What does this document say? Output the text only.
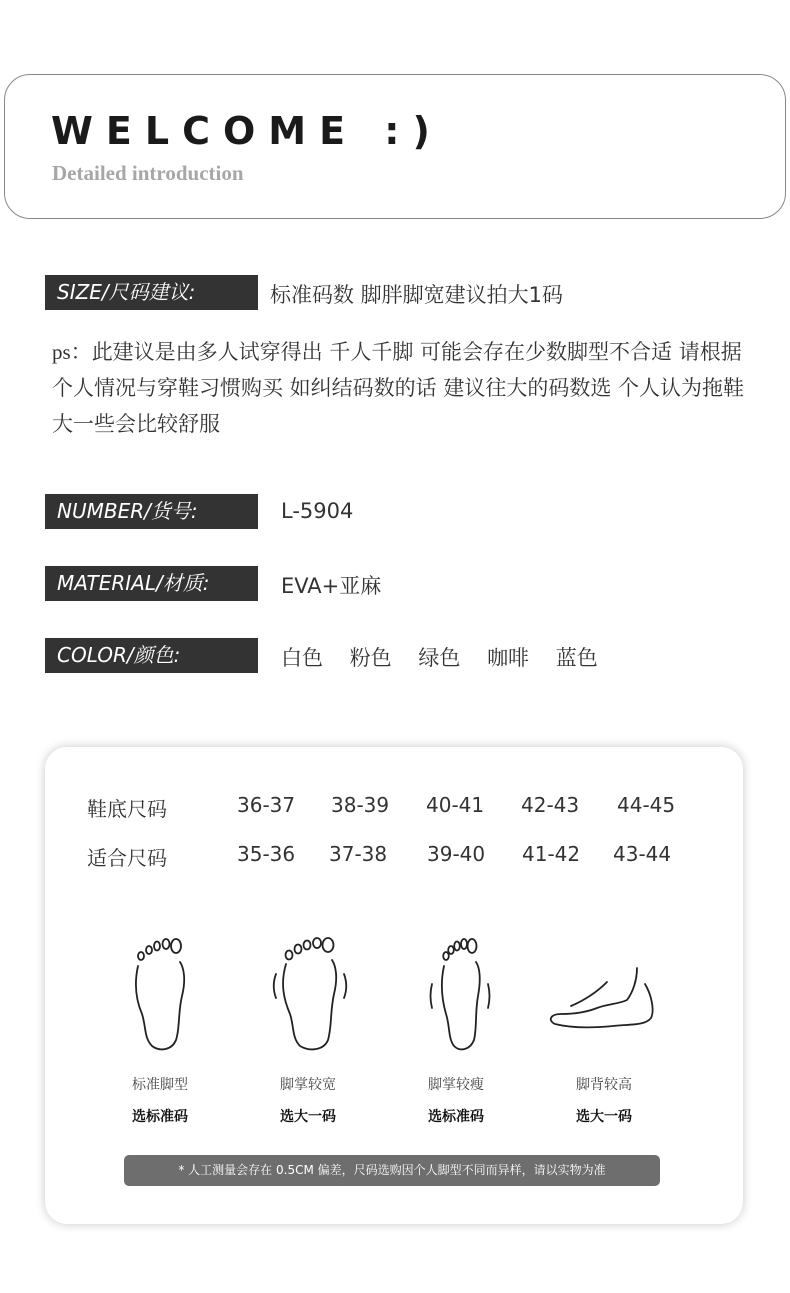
WELCOME :)
Detailed introduction
SIZE/尺码建议:	标准码数 脚胖脚宽建议拍大1码
ps：此建议是由多人试穿得出 千人千脚 可能会存在少数脚型不合适 请根据个人情况与穿鞋习惯购买 如纠结码数的话 建议往大的码数选 个人认为拖鞋大一些会比较舒服
NUMBER/货号:	L-5904
MATERIAL/材质:	EVA+亚麻
COLOR/颜色:	白色 粉色 绿色 咖啡 蓝色
鞋底尺码	36-37 38-39 40-41 42-43 44-45
适合尺码	35-36 37-38 39-40 41-42 43-44
标准脚型
选标准码
脚掌较宽
选大一码
脚掌较瘦
选标准码
脚背较高
选大一码
* 人工测量会存在 0.5CM 偏差，尺码选购因个人脚型不同而异样，请以实物为准
